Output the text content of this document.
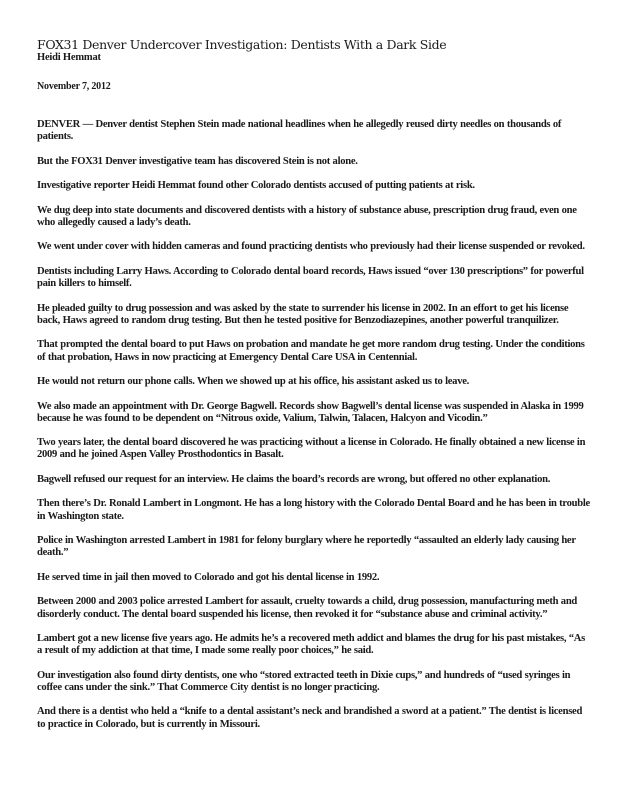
FOX31 Denver Undercover Investigation: Dentists With a Dark Side

Heidi Hemmat

November 7, 2012

DENVER — Denver dentist Stephen Stein made national headlines when he allegedly reused dirty needles on thousands of patients.

But the FOX31 Denver investigative team has discovered Stein is not alone.

Investigative reporter Heidi Hemmat found other Colorado dentists accused of putting patients at risk.

We dug deep into state documents and discovered dentists with a history of substance abuse, prescription drug fraud, even one who allegedly caused a lady’s death.

We went under cover with hidden cameras and found practicing dentists who previously had their license suspended or revoked.

Dentists including Larry Haws. According to Colorado dental board records, Haws issued “over 130 prescriptions” for powerful pain killers to himself.

He pleaded guilty to drug possession and was asked by the state to surrender his license in 2002. In an effort to get his license back, Haws agreed to random drug testing. But then he tested positive for Benzodiazepines, another powerful tranquilizer.

That prompted the dental board to put Haws on probation and mandate he get more random drug testing. Under the conditions of that probation, Haws in now practicing at Emergency Dental Care USA in Centennial.

He would not return our phone calls. When we showed up at his office, his assistant asked us to leave.

We also made an appointment with Dr. George Bagwell. Records show Bagwell’s dental license was suspended in Alaska in 1999 because he was found to be dependent on “Nitrous oxide, Valium, Talwin, Talacen, Halcyon and Vicodin.”

Two years later, the dental board discovered he was practicing without a license in Colorado. He finally obtained a new license in 2009 and he joined Aspen Valley Prosthodontics in Basalt.

Bagwell refused our request for an interview. He claims the board’s records are wrong, but offered no other explanation.

Then there’s Dr. Ronald Lambert in Longmont. He has a long history with the Colorado Dental Board and he has been in trouble in Washington state.

Police in Washington arrested Lambert in 1981 for felony burglary where he reportedly “assaulted an elderly lady causing her death.”

He served time in jail then moved to Colorado and got his dental license in 1992.

Between 2000 and 2003 police arrested Lambert for assault, cruelty towards a child, drug possession, manufacturing meth and disorderly conduct. The dental board suspended his license, then revoked it for “substance abuse and criminal activity.”

Lambert got a new license five years ago. He admits he’s a recovered meth addict and blames the drug for his past mistakes, “As a result of my addiction at that time, I made some really poor choices,” he said.

Our investigation also found dirty dentists, one who “stored extracted teeth in Dixie cups,” and hundreds of “used syringes in coffee cans under the sink.” That Commerce City dentist is no longer practicing.

And there is a dentist who held a “knife to a dental assistant’s neck and brandished a sword at a patient.” The dentist is licensed to practice in Colorado, but is currently in Missouri.
